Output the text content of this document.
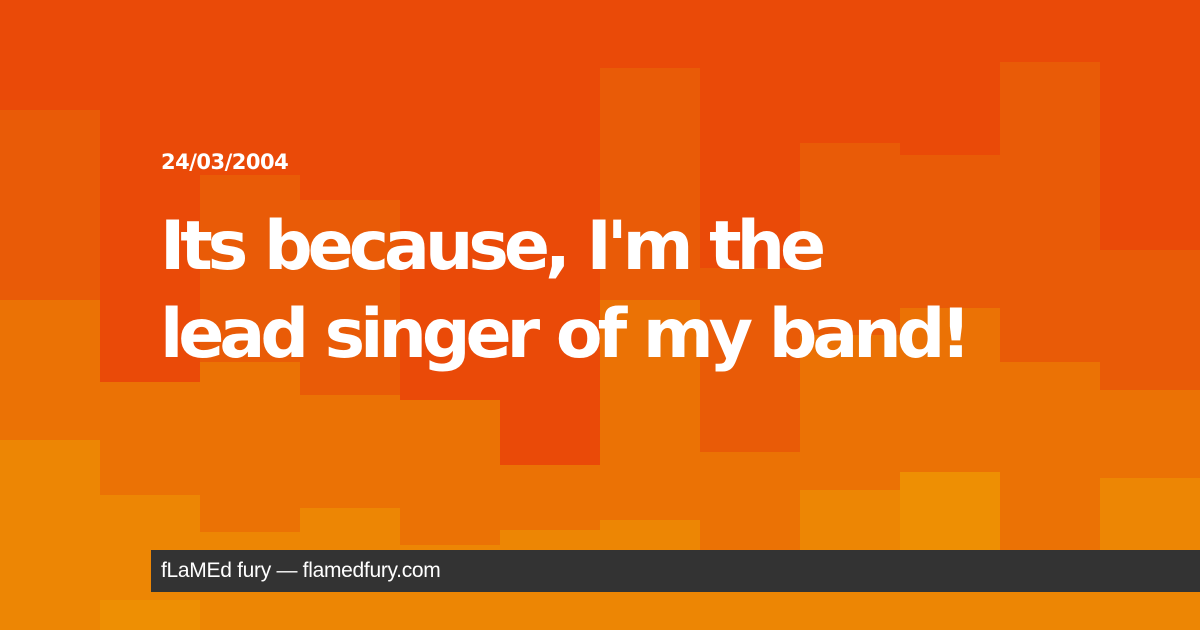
24/03/2004

Its because, I'm the
lead singer of my band!
fLaMEd fury — flamedfury.com
